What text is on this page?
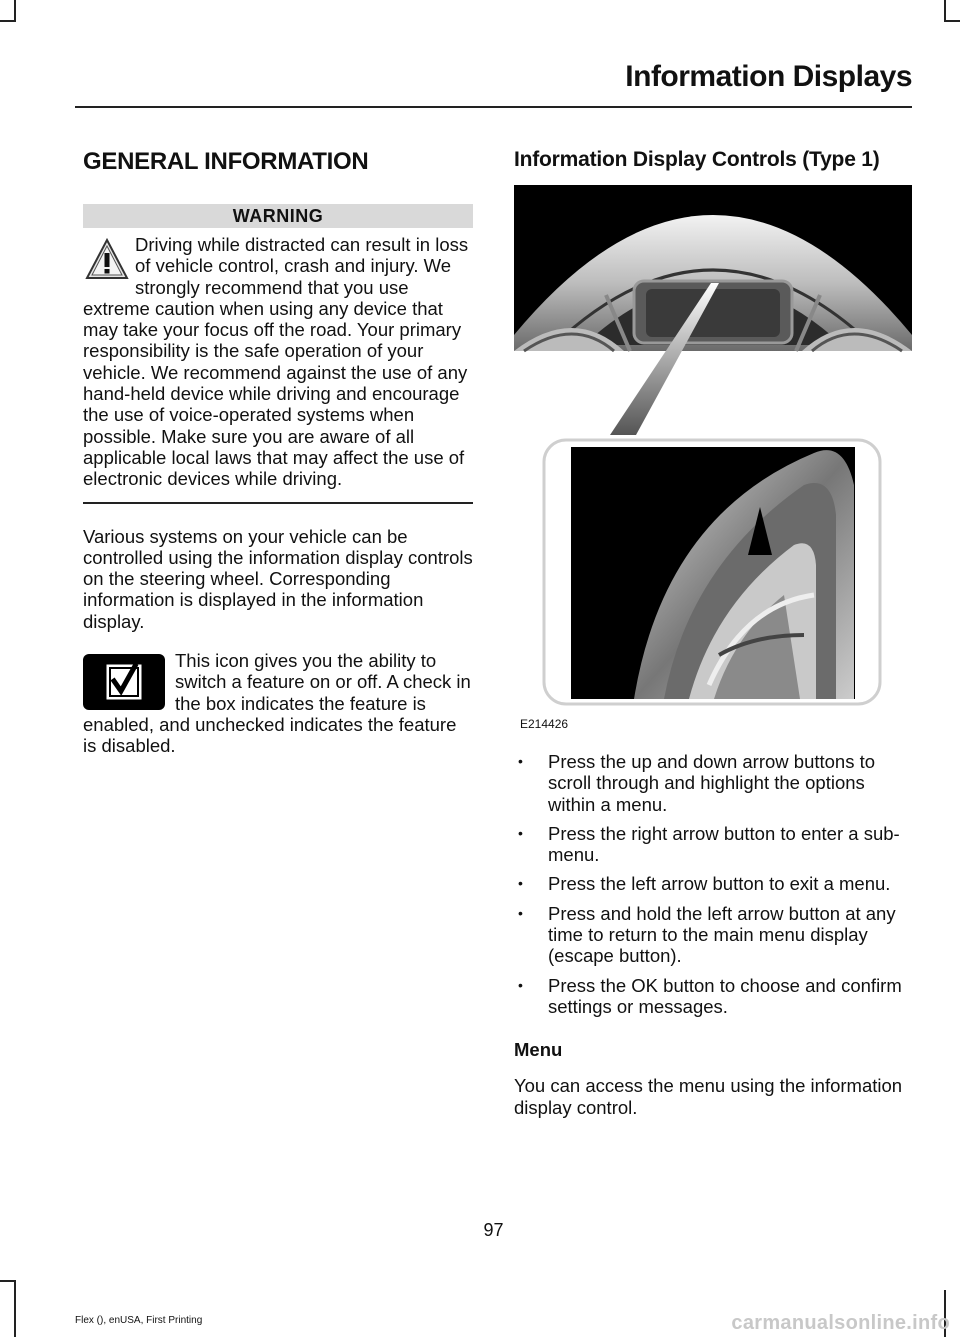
Information Displays
GENERAL INFORMATION
WARNING
Driving while distracted can result in loss of vehicle control, crash and injury. We strongly recommend that you use extreme caution when using any device that may take your focus off the road. Your primary responsibility is the safe operation of your vehicle. We recommend against the use of any hand-held device while driving and encourage the use of voice-operated systems when possible. Make sure you are aware of all applicable local laws that may affect the use of electronic devices while driving.
Various systems on your vehicle can be controlled using the information display controls on the steering wheel. Corresponding information is displayed in the information display.
This icon gives you the ability to switch a feature on or off. A check in the box indicates the feature is enabled, and unchecked indicates the feature is disabled.
Information Display Controls (Type 1)
E214426
• Press the up and down arrow buttons to scroll through and highlight the options within a menu.
• Press the right arrow button to enter a sub-menu.
• Press the left arrow button to exit a menu.
• Press and hold the left arrow button at any time to return to the main menu display (escape button).
• Press the OK button to choose and confirm settings or messages.
Menu
You can access the menu using the information display control.
97
Flex (), enUSA, First Printing	carmanualsonline.info
